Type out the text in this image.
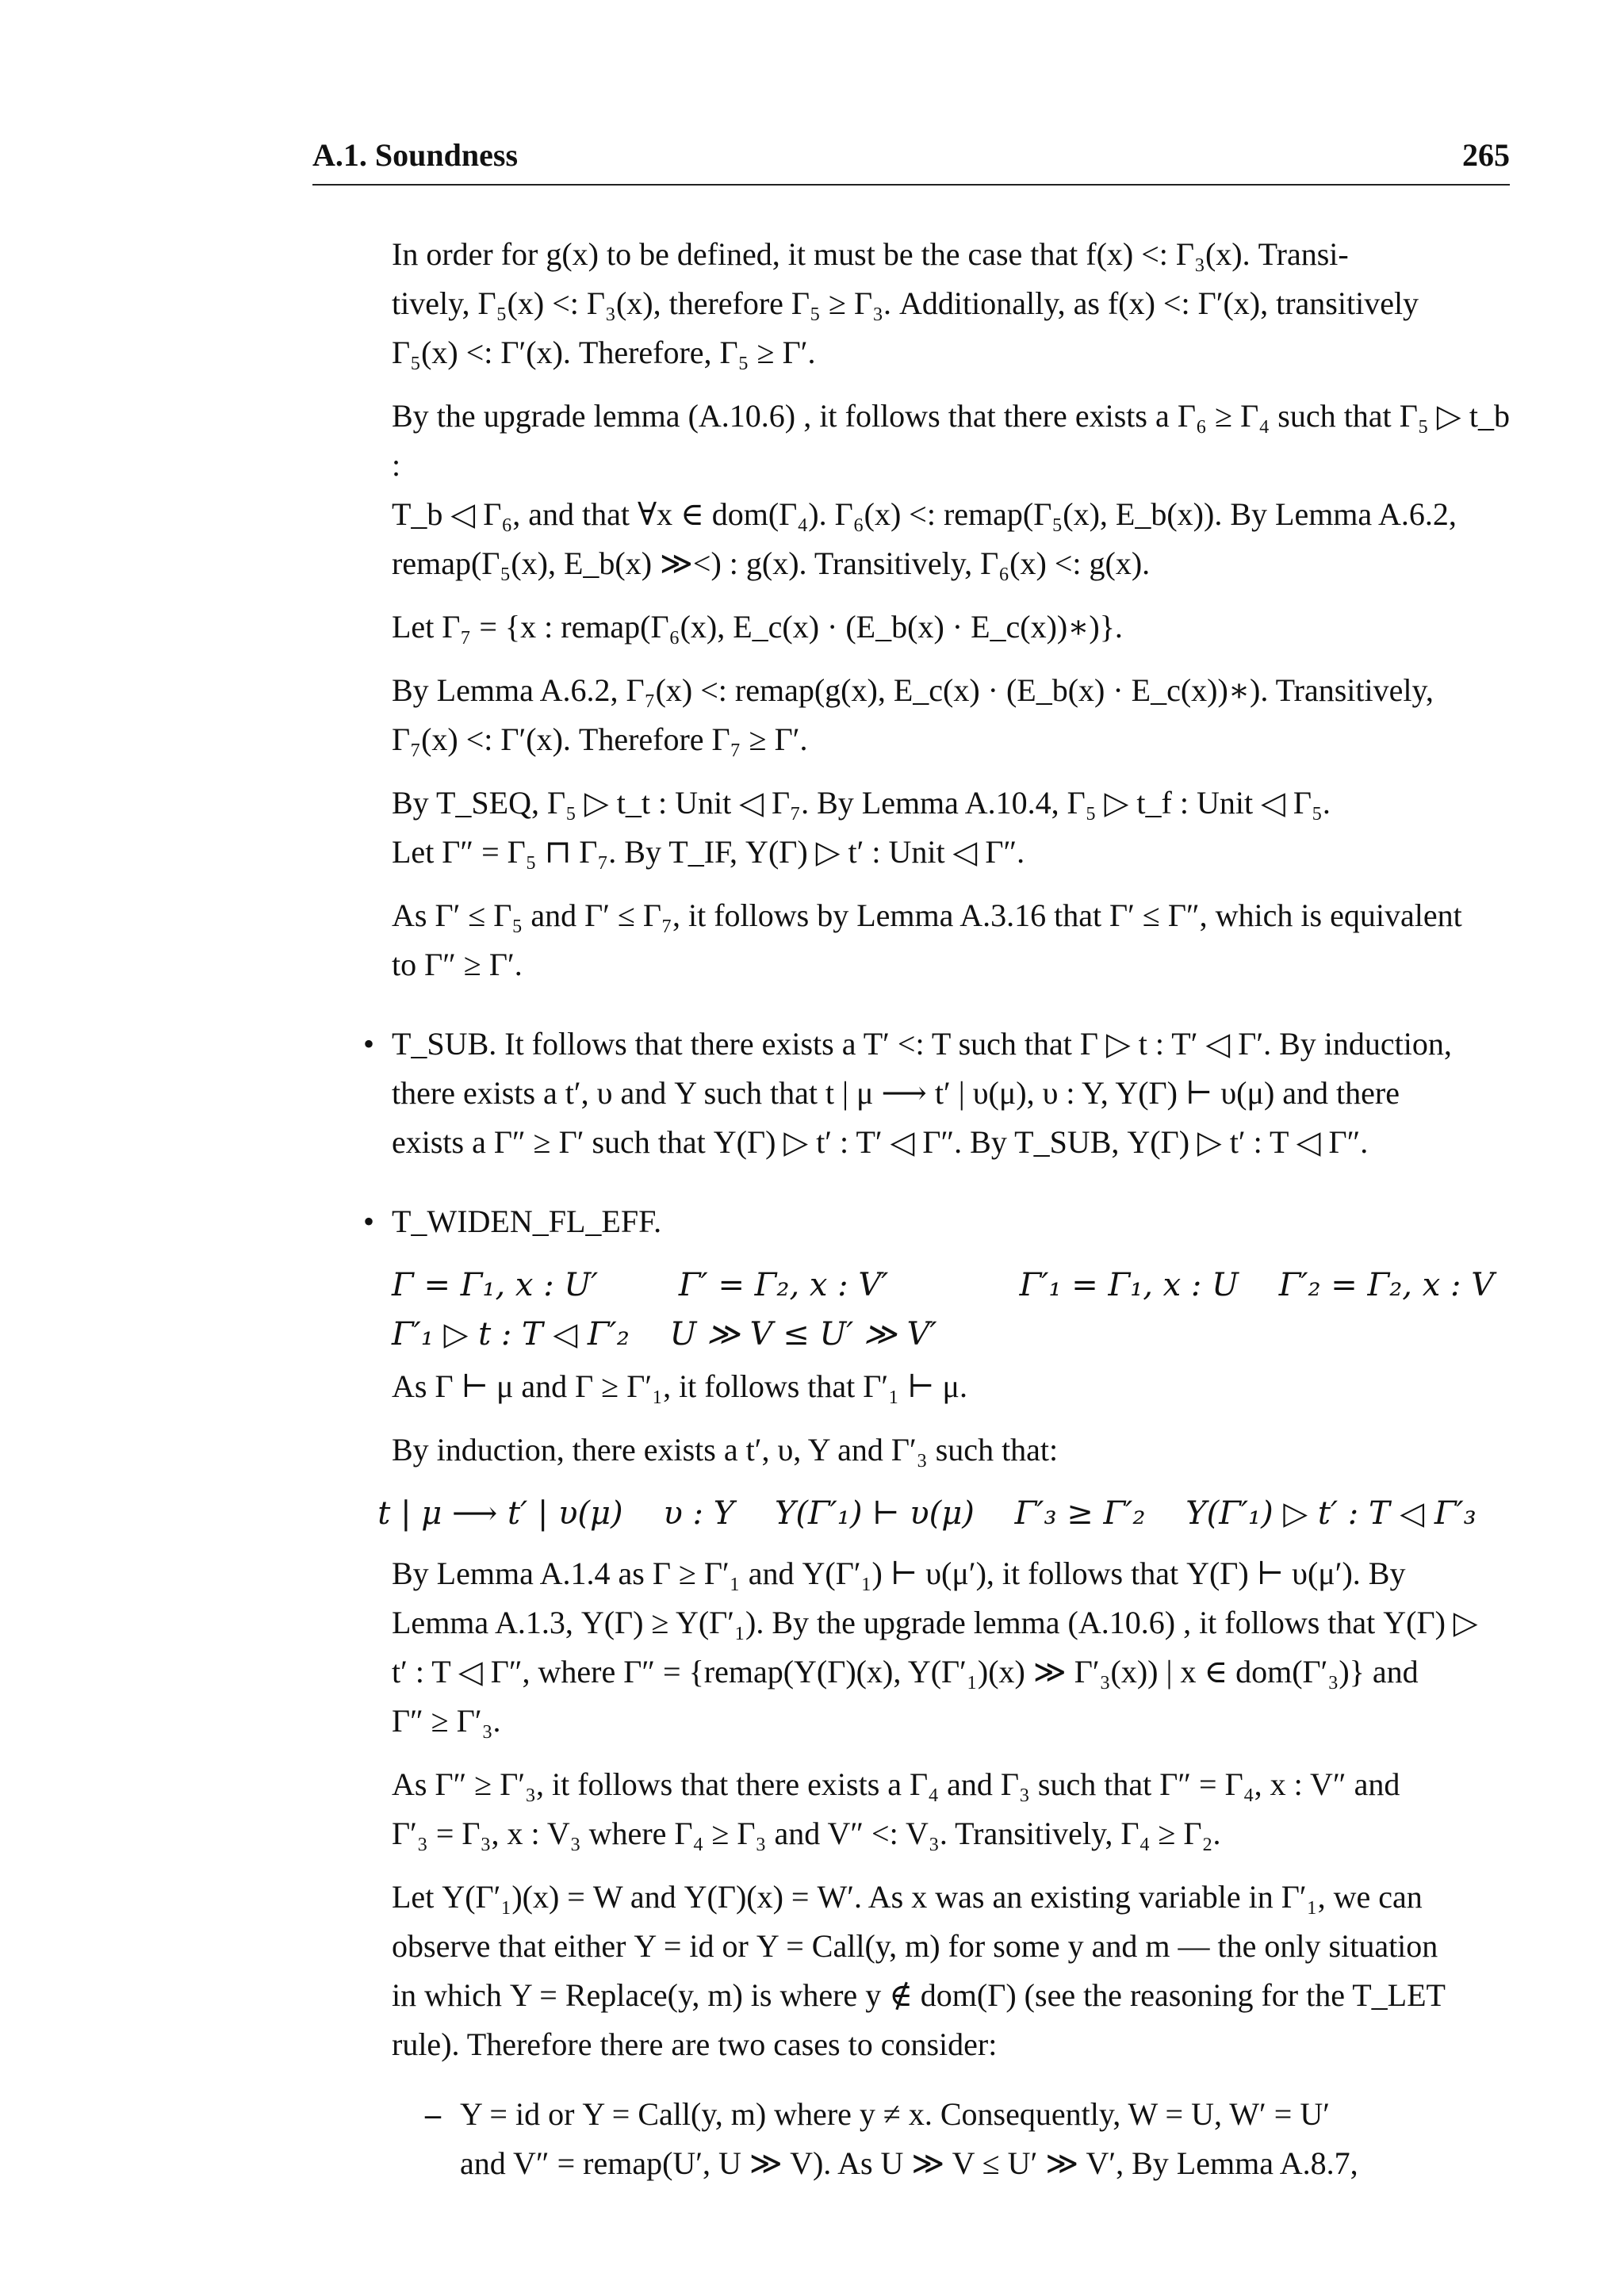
A.1. Soundness	265
In order for g(x) to be defined, it must be the case that f(x) <: Γ₃(x). Transi-
tively, Γ₅(x) <: Γ₃(x), therefore Γ₅ ≥ Γ₃. Additionally, as f(x) <: Γ′(x), transitively
Γ₅(x) <: Γ′(x). Therefore, Γ₅ ≥ Γ′.
By the upgrade lemma (A.10.6) , it follows that there exists a Γ₆ ≥ Γ₄ such that Γ₅ ▷ t_b :
T_b ◁ Γ₆, and that ∀x ∈ dom(Γ₄). Γ₆(x) <: remap(Γ₅(x), E_b(x)). By Lemma A.6.2,
remap(Γ₅(x), E_b(x) ≫<) : g(x). Transitively, Γ₆(x) <: g(x).
Let Γ₇ = {x : remap(Γ₆(x), E_c(x) · (E_b(x) · E_c(x))∗)}.
By Lemma A.6.2, Γ₇(x) <: remap(g(x), E_c(x) · (E_b(x) · E_c(x))∗). Transitively,
Γ₇(x) <: Γ′(x). Therefore Γ₇ ≥ Γ′.
By T_SEQ, Γ₅ ▷ t_t : Unit ◁ Γ₇. By Lemma A.10.4, Γ₅ ▷ t_f : Unit ◁ Γ₅.
Let Γ″ = Γ₅ ⊓ Γ₇. By T_IF, Υ(Γ) ▷ t′ : Unit ◁ Γ″.
As Γ′ ≤ Γ₅ and Γ′ ≤ Γ₇, it follows by Lemma A.3.16 that Γ′ ≤ Γ″, which is equivalent
to Γ″ ≥ Γ′.
• T_SUB. It follows that there exists a T′ <: T such that Γ ▷ t : T′ ◁ Γ′. By induction,
there exists a t′, υ and Υ such that t | μ ⟶ t′ | υ(μ), υ : Υ, Υ(Γ) ⊢ υ(μ) and there
exists a Γ″ ≥ Γ′ such that Υ(Γ) ▷ t′ : T′ ◁ Γ″. By T_SUB, Υ(Γ) ▷ t′ : T ◁ Γ″.
• T_WIDEN_FL_EFF.
Γ = Γ₁, x : U′        Γ′ = Γ₂, x : V′             Γ′₁ = Γ₁, x : U    Γ′₂ = Γ₂, x : V
Γ′₁ ▷ t : T ◁ Γ′₂    U ≫ V ≤ U′ ≫ V′
As Γ ⊢ μ and Γ ≥ Γ′₁, it follows that Γ′₁ ⊢ μ.
By induction, there exists a t′, υ, Υ and Γ′₃ such that:
t | μ ⟶ t′ | υ(μ)    υ : Υ    Υ(Γ′₁) ⊢ υ(μ)    Γ′₃ ≥ Γ′₂    Υ(Γ′₁) ▷ t′ : T ◁ Γ′₃
By Lemma A.1.4 as Γ ≥ Γ′₁ and Υ(Γ′₁) ⊢ υ(μ′), it follows that Υ(Γ) ⊢ υ(μ′). By
Lemma A.1.3, Υ(Γ) ≥ Υ(Γ′₁). By the upgrade lemma (A.10.6) , it follows that Υ(Γ) ▷
t′ : T ◁ Γ″, where Γ″ = {remap(Υ(Γ)(x), Υ(Γ′₁)(x) ≫ Γ′₃(x)) | x ∈ dom(Γ′₃)} and
Γ″ ≥ Γ′₃.
As Γ″ ≥ Γ′₃, it follows that there exists a Γ₄ and Γ₃ such that Γ″ = Γ₄, x : V″ and
Γ′₃ = Γ₃, x : V₃ where Γ₄ ≥ Γ₃ and V″ <: V₃. Transitively, Γ₄ ≥ Γ₂.
Let Υ(Γ′₁)(x) = W and Υ(Γ)(x) = W′. As x was an existing variable in Γ′₁, we can
observe that either Υ = id or Υ = Call(y, m) for some y and m — the only situation
in which Υ = Replace(y, m) is where y ∉ dom(Γ) (see the reasoning for the T_LET
rule). Therefore there are two cases to consider:
– Υ = id or Υ = Call(y, m) where y ≠ x. Consequently, W = U, W′ = U′
and V″ = remap(U′, U ≫ V). As U ≫ V ≤ U′ ≫ V′, By Lemma A.8.7,
